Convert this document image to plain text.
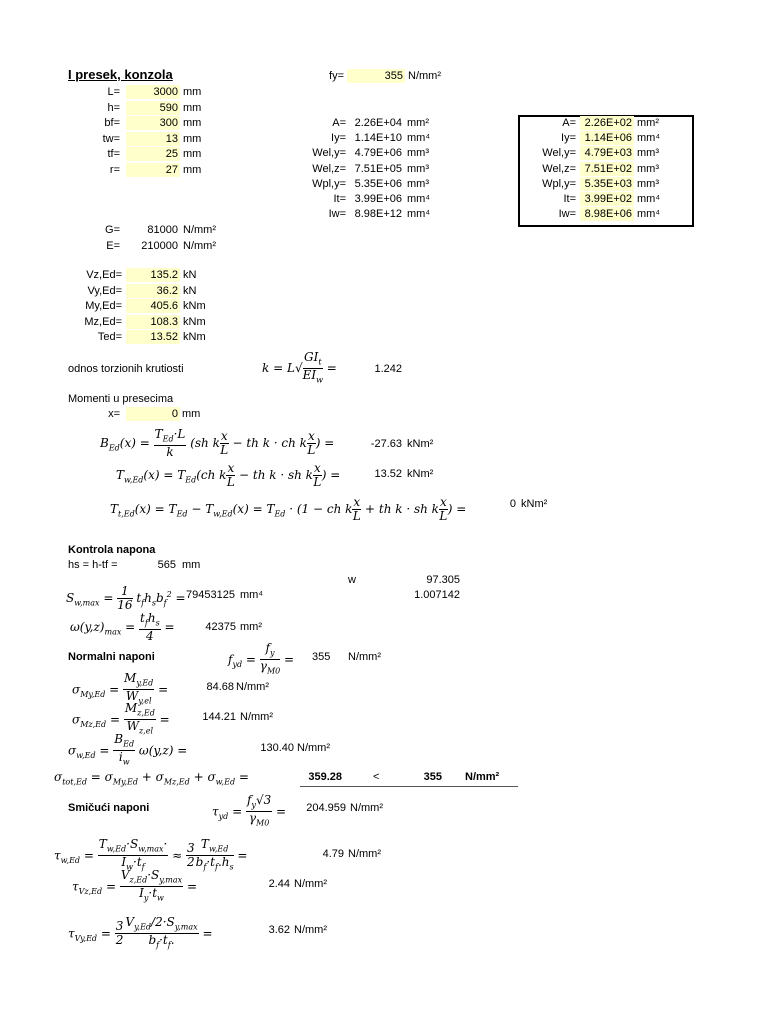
I presek, konzola	fy=	355 N/mm²
L=	3000 mm
h=	590 mm
bf=	300 mm
tw=	13 mm
tf=	25 mm
r=	27 mm
A= 2.26E+04 mm²
Iy= 1.14E+10 mm⁴
Wel,y= 4.79E+06 mm³
Wel,z= 7.51E+05 mm³
Wpl,y= 5.35E+06 mm³
It= 3.99E+06 mm⁴
Iw= 8.98E+12 mm⁴
A= 2.26E+02 mm²
Iy= 1.14E+06 mm⁴
Wel,y= 4.79E+03 mm³
Wel,z= 7.51E+02 mm³
Wpl,y= 5.35E+03 mm³
It= 3.99E+02 mm⁴
Iw= 8.98E+06 mm⁴
G=	81000 N/mm²
E=	210000 N/mm²
Vz,Ed=	135.2 kN
Vy,Ed=	36.2 kN
My,Ed=	405.6 kNm
Mz,Ed=	108.3 kNm
Ted=	13.52 kNm
odnos torzionih krutiosti	$k = L√ \frac{GI_t}{EI_w}$ =	1.242
Momenti u presecima
x=	0 mm
$B_{Ed}(x) = \frac{T_{Ed}\cdot L}{k} (sh$ k $\frac{x}{L}$ − th k · ch k $\frac{x}{L}$ ) =	-27.63 kNm²
$T_{w,Ed}(x) = T_{Ed}(ch$ k $\frac{x}{L}$ − th k · sh k $\frac{x}{L}$ ) =	13.52 kNm²
$T_{t,Ed}(x) = T_{Ed} - T_{w,Ed}(x) = T_{Ed} \cdot (1$ − ch k $\frac{x}{L}$ + th k · sh k $\frac{x}{L}$ ) =	0 kNm²
Kontrola napona
hs = h-tf =	565 mm
w	97.305
1.007142
$S_{w,max} = \frac{1}{16} t_fh_sb_f^2 = 79453125$ mm⁴
$\omega(y,z)_{max} = \frac{t_fh_s}{4}$ =	42375 mm²
Normalni naponi	$f_{yd} = \frac{f_y}{\gamma_{M0}} = 355$ N/mm²
$\sigma_{My,Ed} = \frac{M_{y,Ed}}{W_{y,el}}$ =	84.68 N/mm²
$\sigma_{Mz,Ed} = \frac{M_{z,Ed}}{W_{z,el}}$ =	144.21 N/mm²
$\sigma_{w,Ed} = \frac{B_{Ed}}{i_w} \omega(y,z)$ =	130.40 N/mm²
$\sigma_{tot,Ed} = \sigma_{My,Ed} + \sigma_{Mz,Ed} + \sigma_{w,Ed}$ =	359.28	<	355 N/mm²
Smičući naponi	$\tau_{yd} = \frac{f_y√3}{\gamma_{M0}}$ =	204.959 N/mm²
$\tau_{w,Ed} = \frac{T_{w,Ed}\cdot S_{w,max}\cdot}{I_w\cdot t_f} \approx \frac{3}{2} \frac{T_{w,Ed}}{b_f\cdot t_f.h_s}$ =	4.79 N/mm²
$\tau_{Vz,Ed} = \frac{V_{z,Ed}\cdot S_{y,max}}{I_y\cdot t_w}$ =	2.44 N/mm²
$\tau_{Vy,Ed} = \frac{3}{2} \frac{V_{y,Ed}/2\cdot S_{y,max}}{b_f\cdot t_f.}$ =	3.62 N/mm²
